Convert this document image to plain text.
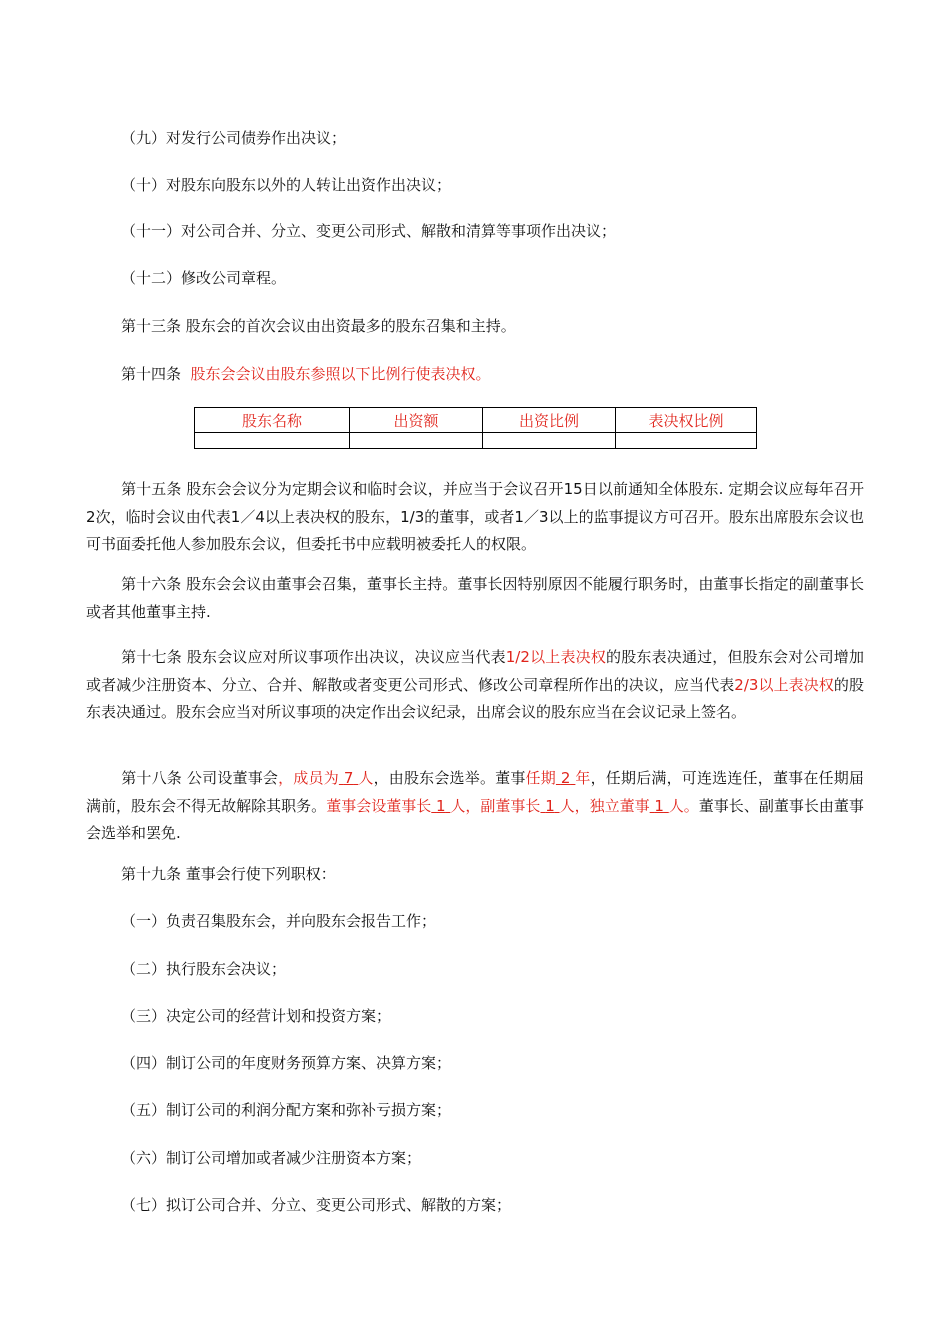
（九）对发行公司债券作出决议；
（十）对股东向股东以外的人转让出资作出决议；
（十一）对公司合并、分立、变更公司形式、解散和清算等事项作出决议；
（十二）修改公司章程。
第十三条 股东会的首次会议由出资最多的股东召集和主持。
第十四条  股东会会议由股东参照以下比例行使表决权。
股东名称	出资额	出资比例	表决权比例

第十五条 股东会会议分为定期会议和临时会议，并应当于会议召开15日以前通知全体股东. 定期会议应每年召开2次，临时会议由代表1／4以上表决权的股东，1/3的董事，或者1／3以上的监事提议方可召开。股东出席股东会议也可书面委托他人参加股东会议，但委托书中应载明被委托人的权限。
第十六条 股东会会议由董事会召集，董事长主持。董事长因特别原因不能履行职务时，由董事长指定的副董事长或者其他董事主持.
第十七条 股东会议应对所议事项作出决议，决议应当代表1/2以上表决权的股东表决通过，但股东会对公司增加或者减少注册资本、分立、合并、解散或者变更公司形式、修改公司章程所作出的决议，应当代表2/3以上表决权的股东表决通过。股东会应当对所议事项的决定作出会议纪录，出席会议的股东应当在会议记录上签名。
第十八条 公司设董事会，成员为 7 人，由股东会选举。董事任期 2 年，任期后满，可连选连任，董事在任期届满前，股东会不得无故解除其职务。董事会设董事长 1 人，副董事长 1 人，独立董事 1 人。董事长、副董事长由董事会选举和罢免.
第十九条 董事会行使下列职权：
（一）负责召集股东会，并向股东会报告工作；
（二）执行股东会决议；
（三）决定公司的经营计划和投资方案；
（四）制订公司的年度财务预算方案、决算方案；
（五）制订公司的利润分配方案和弥补亏损方案；
（六）制订公司增加或者减少注册资本方案；
（七）拟订公司合并、分立、变更公司形式、解散的方案；
